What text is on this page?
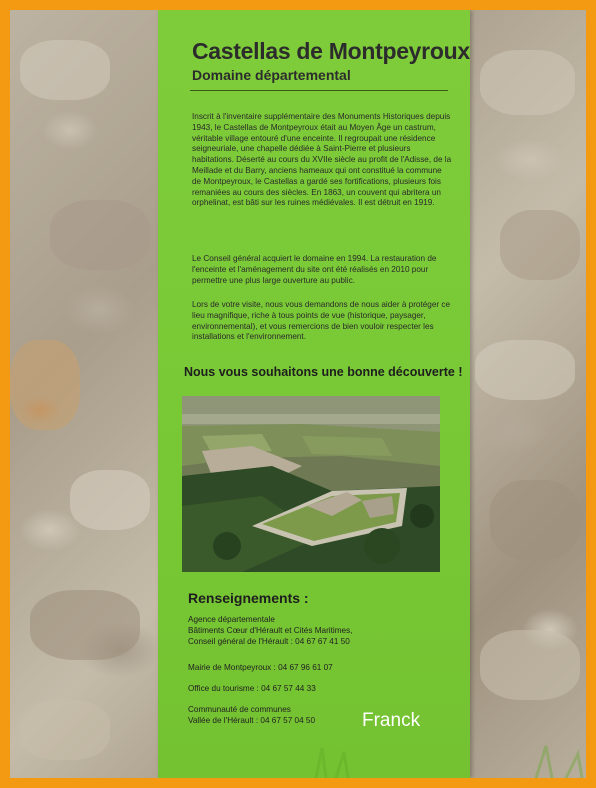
Castellas de Montpeyroux
Domaine départemental

Inscrit à l'inventaire supplémentaire des Monuments Historiques depuis 1943, le Castellas de Montpeyroux était au Moyen Âge un castrum, véritable village entouré d'une enceinte. Il regroupait une résidence seigneuriale, une chapelle dédiée à Saint-Pierre et plusieurs habitations. Déserté au cours du XVIIe siècle au profit de l'Adisse, de la Meillade et du Barry, anciens hameaux qui ont constitué la commune de Montpeyroux, le Castellas a gardé ses fortifications, plusieurs fois remaniées au cours des siècles. En 1863, un couvent qui abritera un orphelinat, est bâti sur les ruines médiévales. Il est détruit en 1919.

Le Conseil général acquiert le domaine en 1994. La restauration de l'enceinte et l'aménagement du site ont été réalisés en 2010 pour permettre une plus large ouverture au public.

Lors de votre visite, nous vous demandons de nous aider à protéger ce lieu magnifique, riche à tous points de vue (historique, paysager, environnemental), et vous remercions de bien vouloir respecter les installations et l'environnement.

Nous vous souhaitons une bonne découverte !

Renseignements :

Agence départementale
Bâtiments Cœur d'Hérault et Cités Maritimes,
Conseil général de l'Hérault : 04 67 67 41 50

Mairie de Montpeyroux : 04 67 96 61 07

Office du tourisme : 04 67 57 44 33

Communauté de communes
Vallée de l'Hérault : 04 67 57 04 50 Franck
